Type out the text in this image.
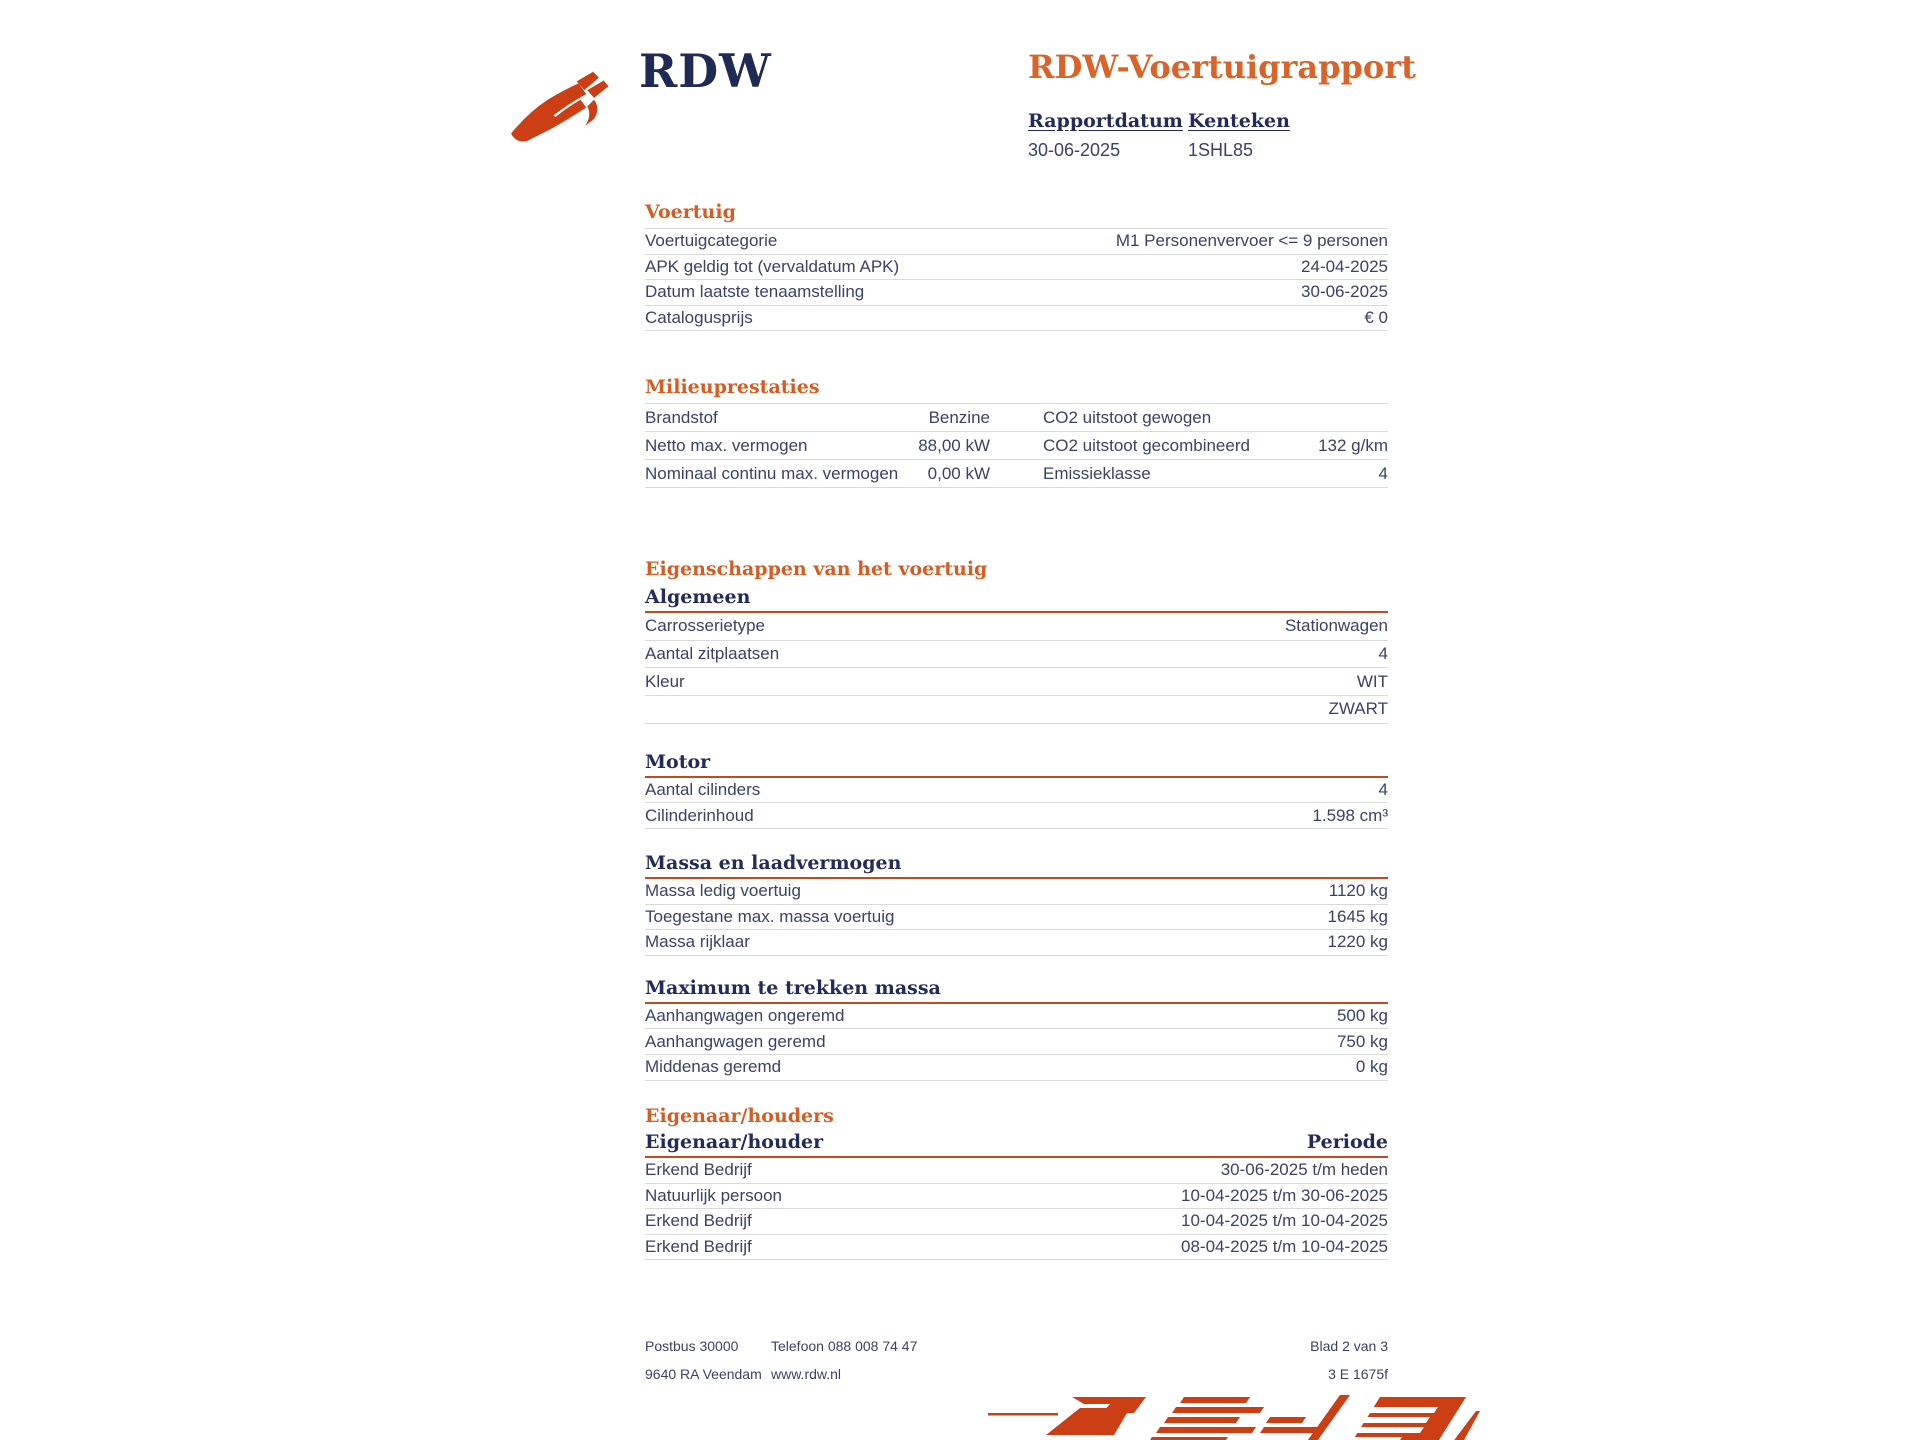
RDW	RDW-Voertuigrapport
Rapportdatum
30-06-2025
Kenteken
1SHL85
Voertuig
Voertuigcategorie	M1 Personenvervoer <= 9 personen
APK geldig tot (vervaldatum APK)	24-04-2025
Datum laatste tenaamstelling	30-06-2025
Catalogusprijs	€ 0
Milieuprestaties
Brandstof	Benzine	CO2 uitstoot gewogen
Netto max. vermogen	88,00 kW	CO2 uitstoot gecombineerd	132 g/km
Nominaal continu max. vermogen	0,00 kW	Emissieklasse	4
Eigenschappen van het voertuig
Algemeen
Carrosserietype	Stationwagen
Aantal zitplaatsen	4
Kleur	WIT
ZWART
Motor
Aantal cilinders	4
Cilinderinhoud	1.598 cm³
Massa en laadvermogen
Massa ledig voertuig	1120 kg
Toegestane max. massa voertuig	1645 kg
Massa rijklaar	1220 kg
Maximum te trekken massa
Aanhangwagen ongeremd	500 kg
Aanhangwagen geremd	750 kg
Middenas geremd	0 kg
Eigenaar/houders
Eigenaar/houder	Periode
Erkend Bedrijf	30-06-2025 t/m heden
Natuurlijk persoon	10-04-2025 t/m 30-06-2025
Erkend Bedrijf	10-04-2025 t/m 10-04-2025
Erkend Bedrijf	08-04-2025 t/m 10-04-2025
Postbus 30000
9640 RA Veendam
Telefoon 088 008 74 47
www.rdw.nl
Blad 2 van 3
3 E 1675f
